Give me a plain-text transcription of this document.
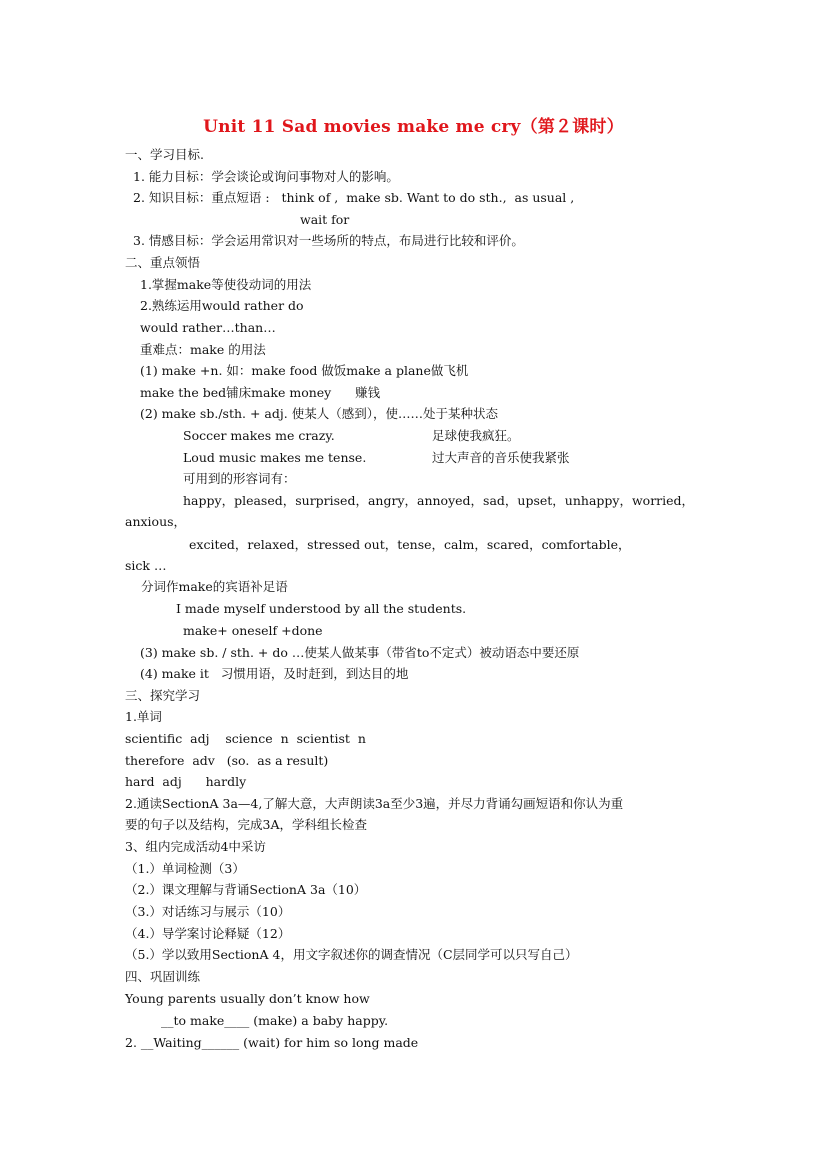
Unit 11 Sad movies make me cry（第２课时）
一、学习目标.
1. 能力目标：学会谈论或询问事物对人的影响。
2. 知识目标：重点短语 :   think of ,  make sb. Want to do sth.,  as usual ,
wait for
3. 情感目标：学会运用常识对一些场所的特点，布局进行比较和评价。
二、重点领悟
1.掌握make等使役动词的用法
2.熟练运用would rather do
would rather…than…
重难点：make 的用法
(1) make +n. 如：make food 做饭make a plane做飞机
make the bed铺床make money      赚钱
(2) make sb./sth. + adj. 使某人（感到），使……处于某种状态
Soccer makes me crazy.	足球使我疯狂。
Loud music makes me tense.	过大声音的音乐使我紧张
可用到的形容词有：
happy，pleased，surprised，angry，annoyed，sad，upset，unhappy，worried，
anxious，
excited，relaxed，stressed out，tense，calm，scared，comfortable，
sick …
分词作make的宾语补足语
I made myself understood by all the students.
make+ oneself +done
(3) make sb. / sth. + do …使某人做某事（带省to不定式）被动语态中要还原
(4) make it   习惯用语，及时赶到，到达目的地
三、探究学习
1.单词
scientific  adj    science  n  scientist  n
therefore  adv   (so.  as a result)
hard  adj      hardly
2.通读SectionA 3a—4,了解大意，大声朗读3a至少3遍，并尽力背诵勾画短语和你认为重
要的句子以及结构，完成3A，学科组长检查
3、组内完成活动4中采访
（1.）单词检测（3）
（2.）课文理解与背诵SectionA 3a（10）
（3.）对话练习与展示（10）
（4.）导学案讨论释疑（12）
（5.）学以致用SectionA 4，用文字叙述你的调查情况（C层同学可以只写自己）
四、巩固训练
Young parents usually don’t know how
__to make____ (make) a baby happy.
2. __Waiting______ (wait) for him so long made
